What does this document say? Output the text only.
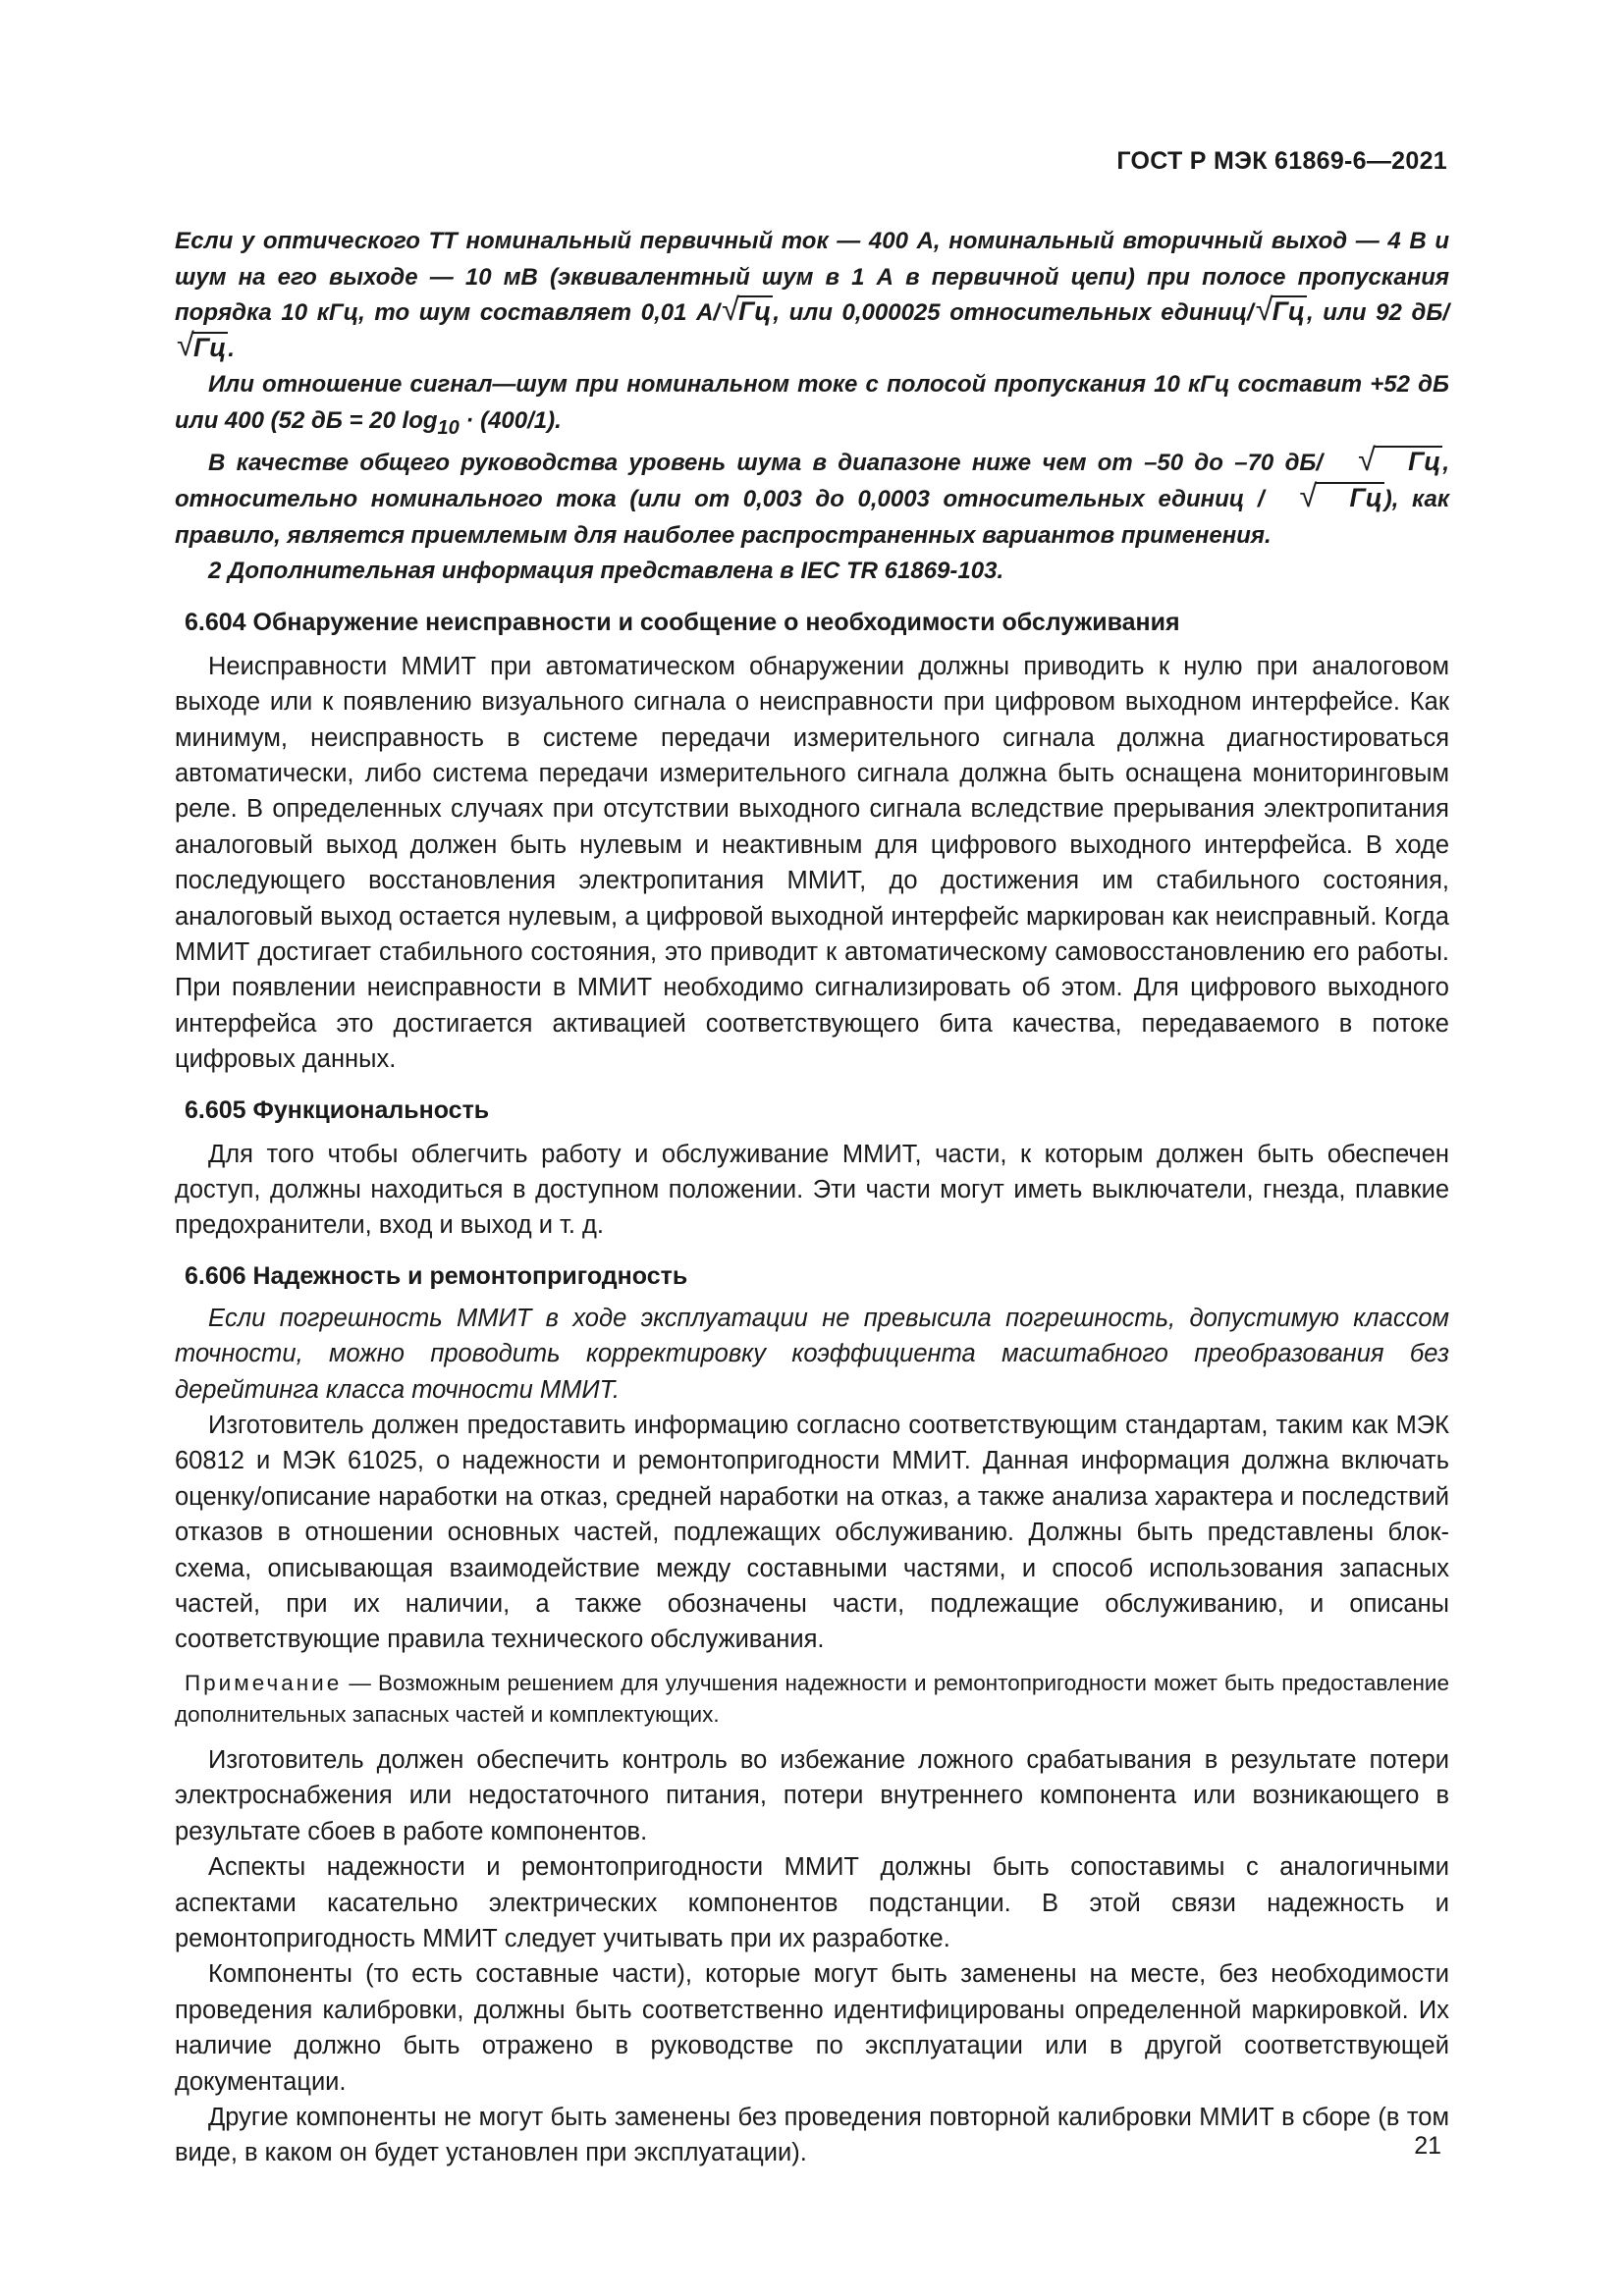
ГОСТ Р МЭК 61869-6—2021

Если у оптического ТТ номинальный первичный ток — 400 А, номинальный вторичный выход — 4 В и шум на его выходе — 10 мВ (эквивалентный шум в 1 А в первичной цепи) при полосе пропускания порядка 10 кГц, то шум составляет 0,01 А/ √ Гц, или 0,000025 относительных единиц/ √ Гц, или 92 дБ/√ Гц.

Или отношение сигнал—шум при номинальном токе с полосой пропускания 10 кГц составит +52 дБ или 400 (52 дБ = 20 $\log_{10} \cdot (400/1)$.

В качестве общего руководства уровень шума в диапазоне ниже чем от –50 до –70 дБ/	√ Гц, относительно номинального тока (или от 0,003 до 0,0003 относительных единиц /	√ Гц), как правило, является приемлемым для наиболее распространенных вариантов применения.

2 Дополнительная информация представлена в IEC TR 61869-103.

6.604 Обнаружение неисправности и сообщение о необходимости обслуживания

Неисправности ММИТ при автоматическом обнаружении должны приводить к нулю при аналоговом выходе или к появлению визуального сигнала о неисправности при цифровом выходном интерфейсе. Как минимум, неисправность в системе передачи измерительного сигнала должна диагностироваться автоматически, либо система передачи измерительного сигнала должна быть оснащена мониторинговым реле. В определенных случаях при отсутствии выходного сигнала вследствие прерывания электропитания аналоговый выход должен быть нулевым и неактивным для цифрового выходного интерфейса. В ходе последующего восстановления электропитания ММИТ, до достижения им стабильного состояния, аналоговый выход остается нулевым, а цифровой выходной интерфейс маркирован как неисправный. Когда ММИТ достигает стабильного состояния, это приводит к автоматическому самовосстановлению его работы. При появлении неисправности в ММИТ необходимо сигнализировать об этом. Для цифрового выходного интерфейса это достигается активацией соответствующего бита качества, передаваемого в потоке цифровых данных.

6.605 Функциональность

Для того чтобы облегчить работу и обслуживание ММИТ, части, к которым должен быть обеспечен доступ, должны находиться в доступном положении. Эти части могут иметь выключатели, гнезда, плавкие предохранители, вход и выход и т. д.

6.606 Надежность и ремонтопригодность

Если погрешность ММИТ в ходе эксплуатации не превысила погрешность, допустимую классом точности, можно проводить корректировку коэффициента масштабного преобразования без дерейтинга класса точности ММИТ.

Изготовитель должен предоставить информацию согласно соответствующим стандартам, таким как МЭК 60812 и МЭК 61025, о надежности и ремонтопригодности ММИТ. Данная информация должна включать оценку/описание наработки на отказ, средней наработки на отказ, а также анализа характера и последствий отказов в отношении основных частей, подлежащих обслуживанию. Должны быть представлены блок-схема, описывающая взаимодействие между составными частями, и способ использования запасных частей, при их наличии, а также обозначены части, подлежащие обслуживанию, и описаны соответствующие правила технического обслуживания.

Примечание — Возможным решением для улучшения надежности и ремонтопригодности может быть предоставление дополнительных запасных частей и комплектующих.

Изготовитель должен обеспечить контроль во избежание ложного срабатывания в результате потери электроснабжения или недостаточного питания, потери внутреннего компонента или возникающего в результате сбоев в работе компонентов.

Аспекты надежности и ремонтопригодности ММИТ должны быть сопоставимы с аналогичными аспектами касательно электрических компонентов подстанции. В этой связи надежность и ремонтопригодность ММИТ следует учитывать при их разработке.

Компоненты (то есть составные части), которые могут быть заменены на месте, без необходимости проведения калибровки, должны быть соответственно идентифицированы определенной маркировкой. Их наличие должно быть отражено в руководстве по эксплуатации или в другой соответствующей документации.

Другие компоненты не могут быть заменены без проведения повторной калибровки ММИТ в сборе (в том виде, в каком он будет установлен при эксплуатации).	21
